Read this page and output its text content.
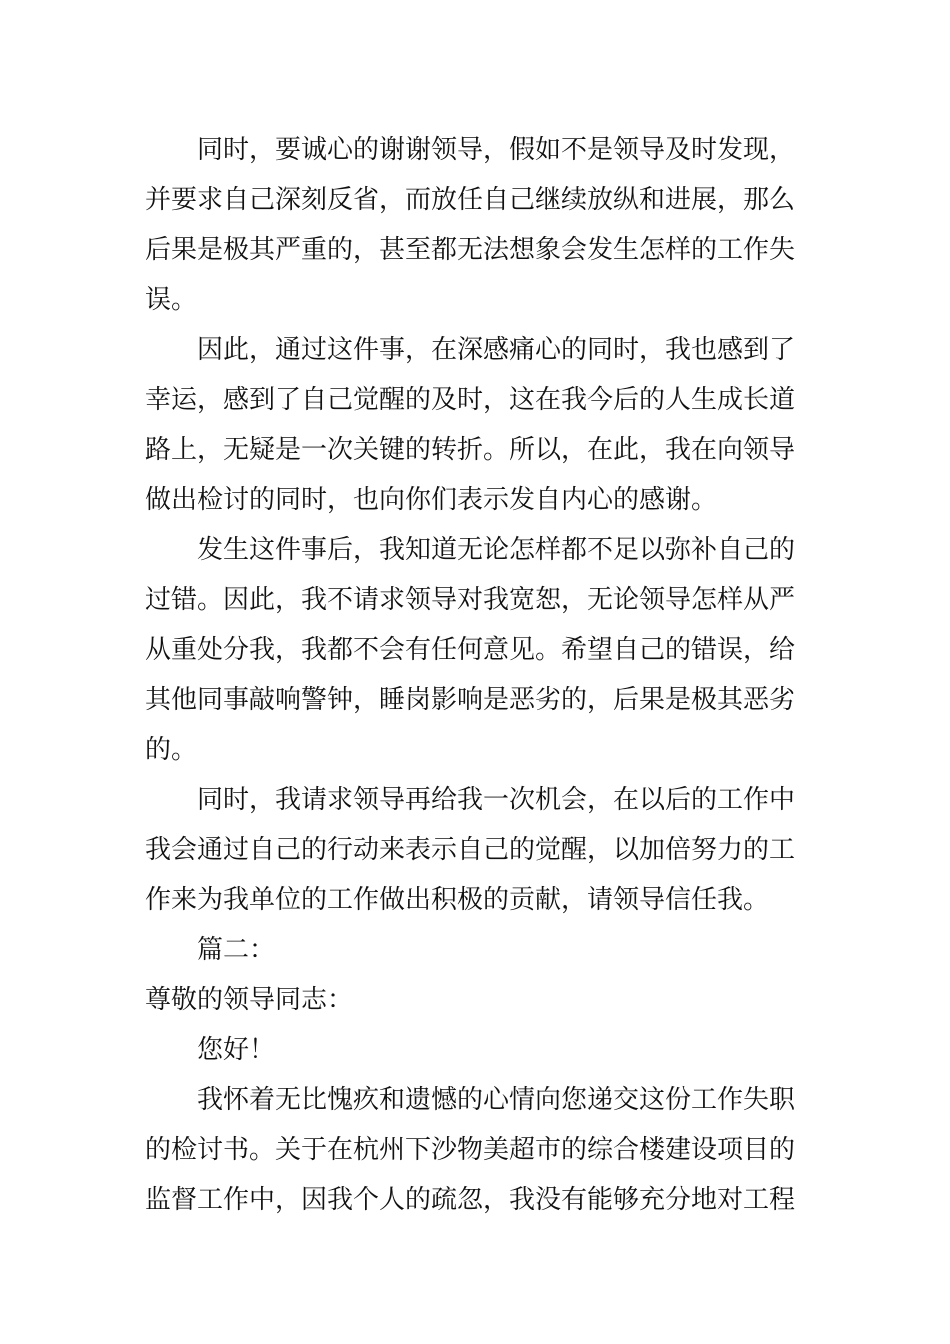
同时，要诚心的谢谢领导，假如不是领导及时发现，
并要求自己深刻反省，而放任自己继续放纵和进展，那么
后果是极其严重的，甚至都无法想象会发生怎样的工作失
误。
因此，通过这件事，在深感痛心的同时，我也感到了
幸运，感到了自己觉醒的及时，这在我今后的人生成长道
路上，无疑是一次关键的转折。所以，在此，我在向领导
做出检讨的同时，也向你们表示发自内心的感谢。
发生这件事后，我知道无论怎样都不足以弥补自己的
过错。因此，我不请求领导对我宽恕，无论领导怎样从严
从重处分我，我都不会有任何意见。希望自己的错误，给
其他同事敲响警钟，睡岗影响是恶劣的，后果是极其恶劣
的。
同时，我请求领导再给我一次机会，在以后的工作中
我会通过自己的行动来表示自己的觉醒，以加倍努力的工
作来为我单位的工作做出积极的贡献，请领导信任我。
篇二：
尊敬的领导同志：
您好！
我怀着无比愧疚和遗憾的心情向您递交这份工作失职
的检讨书。关于在杭州下沙物美超市的综合楼建设项目的
监督工作中，因我个人的疏忽，我没有能够充分地对工程
